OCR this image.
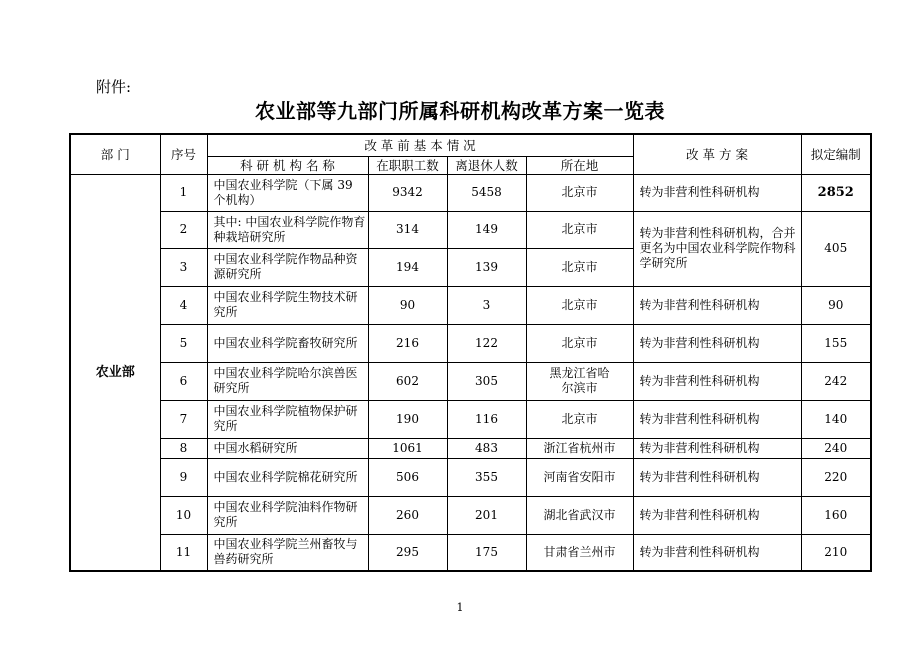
附件:
农业部等九部门所属科研机构改革方案一览表
部 门	序号	改 革 前 基 本 情 况				改 革 方 案	拟定编制
		科 研 机 构 名 称	在职职工数	离退休人数	所在地		
农业部	1	中国农业科学院（下属 39 个机构）	9342	5458	北京市	转为非营利性科研机构	2852
	2	其中: 中国农业科学院作物育种栽培研究所	314	149	北京市	转为非营利性科研机构，合并更名为中国农业科学院作物科学研究所	405
	3	中国农业科学院作物品种资源研究所	194	139	北京市		
	4	中国农业科学院生物技术研究所	90	3	北京市	转为非营利性科研机构	90
	5	中国农业科学院畜牧研究所	216	122	北京市	转为非营利性科研机构	155
	6	中国农业科学院哈尔滨兽医研究所	602	305	黑龙江省哈尔滨市	转为非营利性科研机构	242
	7	中国农业科学院植物保护研究所	190	116	北京市	转为非营利性科研机构	140
	8	中国水稻研究所	1061	483	浙江省杭州市	转为非营利性科研机构	240
	9	中国农业科学院棉花研究所	506	355	河南省安阳市	转为非营利性科研机构	220
	10	中国农业科学院油料作物研究所	260	201	湖北省武汉市	转为非营利性科研机构	160
	11	中国农业科学院兰州畜牧与兽药研究所	295	175	甘肃省兰州市	转为非营利性科研机构	210
1
